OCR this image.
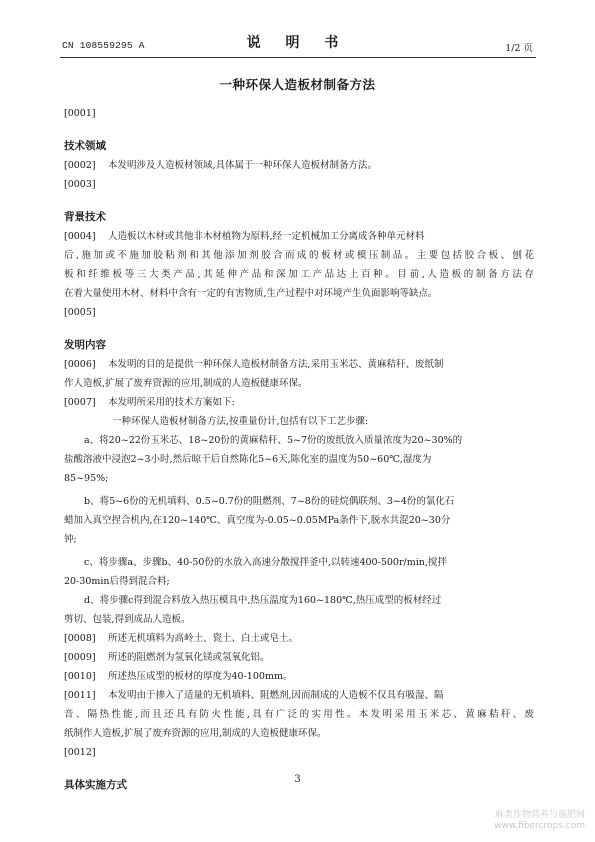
CN 108559295 A	说 明 书	1/2 页
一种环保人造板材制备方法
[0001]
技术领域
[0002] 本发明涉及人造板材领域,具体属于一种环保人造板材制备方法。
[0003]
背景技术
[0004] 人造板以木材或其他非木材植物为原料,经一定机械加工分离成各种单元材料
后,施加或不施加胶粘剂和其他添加剂胶合而成的板材或模压制品。主要包括胶合板、刨花
板和纤维板等三大类产品,其延伸产品和深加工产品达上百种。目前,人造板的制备方法存
在着大量使用木材、材料中含有一定的有害物质,生产过程中对环境产生负面影响等缺点。
[0005]
发明内容
[0006] 本发明的目的是提供一种环保人造板材制备方法,采用玉米芯、黄麻秸秆、废纸制
作人造板,扩展了废弃资源的应用,制成的人造板健康环保。
[0007] 本发明所采用的技术方案如下:
一种环保人造板材制备方法,按重量份计,包括有以下工艺步骤:
a、将20~22份玉米芯、18~20份的黄麻秸秆、5~7份的废纸放入质量浓度为20~30%的
盐酸溶液中浸泡2~3小时,然后晾干后自然陈化5~6天,陈化室的温度为50~60℃,湿度为
85~95%;
b、将5~6份的无机填料、0.5~0.7份的阻燃剂、7~8份的硅烷偶联剂、3~4份的氯化石
蜡加入真空捏合机内,在120~140℃、真空度为-0.05~0.05MPa条件下,脱水共混20~30分
钟;
c、将步骤a、步骤b、40-50份的水放入高速分散搅拌釜中,以转速400-500r/min,搅拌
20-30min后得到混合料;
d、将步骤c得到混合料放入热压模具中,热压温度为160~180℃,热压成型的板材经过
剪切、包装,得到成品人造板。
[0008] 所述无机填料为高岭土、瓷土、白土或皂土。
[0009] 所述的阻燃剂为氢氧化镁或氢氧化铝。
[0010] 所述热压成型的板材的厚度为40-100mm。
[0011] 本发明由于掺入了适量的无机填料、阻燃剂,因而制成的人造板不仅具有吸湿、隔
音、隔热性能,而且还具有防火性能,具有广泛的实用性。本发明采用玉米芯、黄麻秸秆、废
纸制作人造板,扩展了废弃资源的应用,制成的人造板健康环保。
[0012]
具体实施方式	3
麻类作物营养与施肥网
www.fibercrops.com
